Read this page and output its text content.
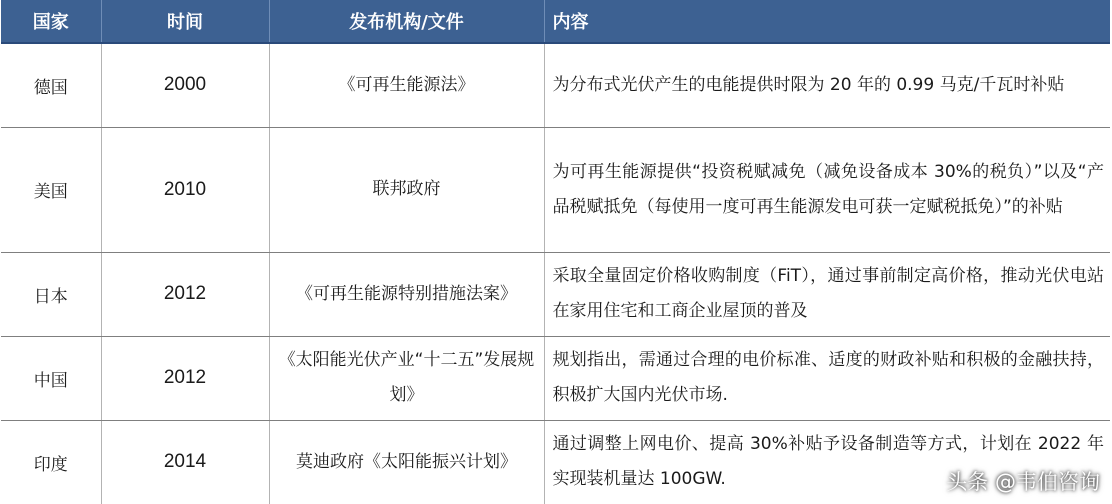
国家	时间	发布机构/文件	内容
德国	2000	《可再生能源法》	为分布式光伏产生的电能提供时限为 20 年的 0.99 马克/千瓦时补贴
美国	2010	联邦政府	为可再生能源提供“投资税赋减免（减免设备成本 30%的税负）”以及“产品税赋抵免（每使用一度可再生能源发电可获一定赋税抵免）”的补贴
日本	2012	《可再生能源特别措施法案》	采取全量固定价格收购制度（FiT），通过事前制定高价格，推动光伏电站在家用住宅和工商企业屋顶的普及
中国	2012	《太阳能光伏产业“十二五”发展规划》	规划指出，需通过合理的电价标准、适度的财政补贴和积极的金融扶持，积极扩大国内光伏市场.
印度	2014	莫迪政府《太阳能振兴计划》	通过调整上网电价、提高 30%补贴予设备制造等方式，计划在 2022 年实现装机量达 100GW.	头条 @韦伯咨询
